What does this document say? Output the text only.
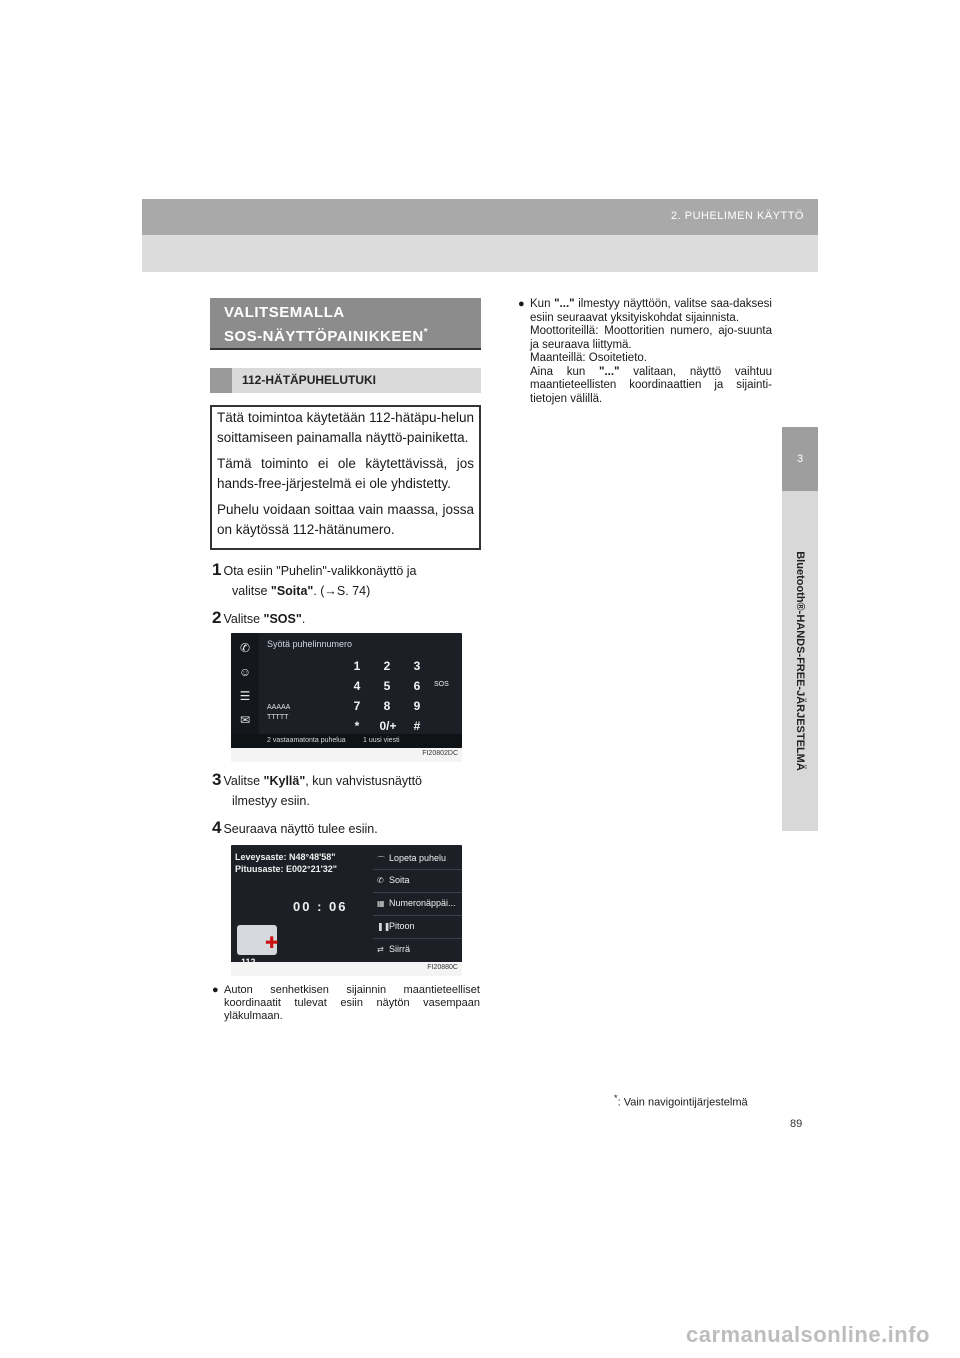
2. PUHELIMEN KÄYTTÖ
3
Bluetooth®-HANDS-FREE-JÄRJESTELMÄ
VALITSEMALLA
SOS-NÄYTTÖPAINIKKEEN*
112-HÄTÄPUHELUTUKI

Tätä toimintoa käytetään 112-hätäpu-helun soittamiseen painamalla näyttö-painiketta.

Tämä toiminto ei ole käytettävissä, jos hands-free-järjestelmä ei ole yhdistetty.

Puhelu voidaan soittaa vain maassa, jossa on käytössä 112-hätänumero.

1 Ota esiin "Puhelin"-valikkonäyttö ja
valitse "Soita". (→S. 74)
2 Valitse "SOS".
✆
☺
☰
✉
Syötä puhelinnumero
1	2	3
4	5	6
7	8	9
*	0/+	#
SOS
AAAAA
TTTTT
2 vastaamatonta puhelua 1 uusi viesti
FI20802DC
3 Valitse "Kyllä", kun vahvistusnäyttö
ilmestyy esiin.
4 Seuraava näyttö tulee esiin.
Leveysaste: N48°48'58"
Pituusaste: E002°21'32"
00 : 06
✚
⌒ Lopeta puhelu
✆ Soita
▦ Numeronäppäi...
❚❚
Pitoon
⇄ Siirrä
FI20880C
● Auton senhetkisen sijainnin maantieteelliset koordinaatit tulevat esiin näytön vasempaan yläkulmaan.
● Kun "..." ilmestyy näyttöön, valitse saa-daksesi esiin seuraavat yksityiskohdat sijainnista.
Moottoriteillä: Moottoritien numero, ajo-suunta ja seuraava liittymä.
Maanteillä: Osoitetieto.
Aina kun "..." valitaan, näyttö vaihtuu maantieteellisten koordinaattien ja sijainti-tietojen välillä.
*: Vain navigointijärjestelmä
89
carmanualsonline.info
